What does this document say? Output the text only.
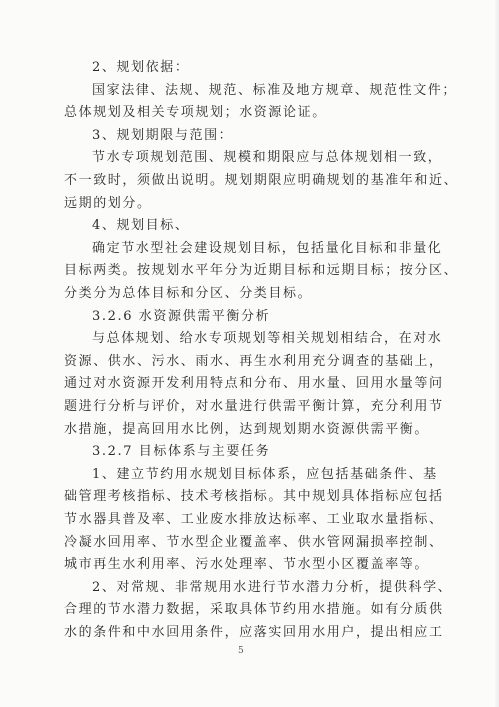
2、规划依据：
国家法律、法规、规范、标准及地方规章、规范性文件；
总体规划及相关专项规划；水资源论证。
3、规划期限与范围：
节水专项规划范围、规模和期限应与总体规划相一致，
不一致时，须做出说明。规划期限应明确规划的基准年和近、
远期的划分。
4、规划目标、
确定节水型社会建设规划目标，包括量化目标和非量化
目标两类。按规划水平年分为近期目标和远期目标；按分区、
分类分为总体目标和分区、分类目标。
3.2.6 水资源供需平衡分析
与总体规划、给水专项规划等相关规划相结合，在对水
资源、供水、污水、雨水、再生水利用充分调查的基础上，
通过对水资源开发利用特点和分布、用水量、回用水量等问
题进行分析与评价，对水量进行供需平衡计算，充分利用节
水措施，提高回用水比例，达到规划期水资源供需平衡。
3.2.7 目标体系与主要任务
1、建立节约用水规划目标体系，应包括基础条件、基
础管理考核指标、技术考核指标。其中规划具体指标应包括
节水器具普及率、工业废水排放达标率、工业取水量指标、
冷凝水回用率、节水型企业覆盖率、供水管网漏损率控制、
城市再生水利用率、污水处理率、节水型小区覆盖率等。
2、对常规、非常规用水进行节水潜力分析，提供科学、
合理的节水潜力数据，采取具体节约用水措施。如有分质供
水的条件和中水回用条件，应落实回用水用户，提出相应工
5
